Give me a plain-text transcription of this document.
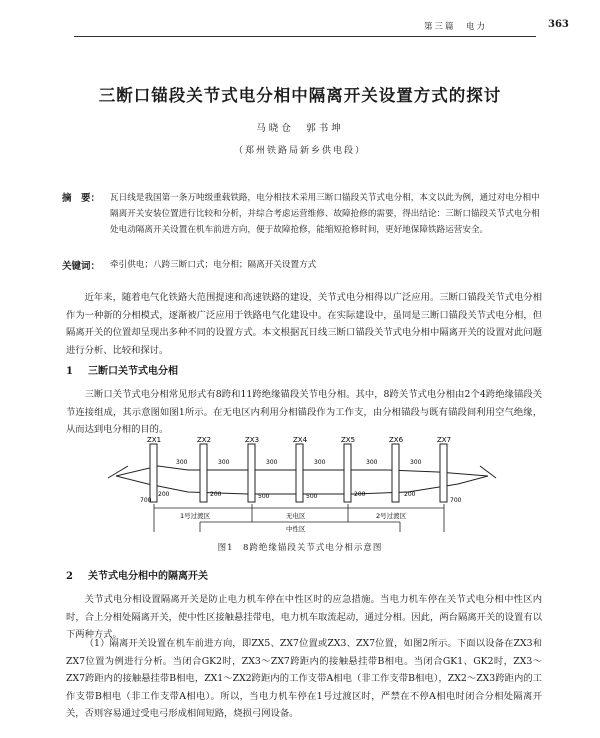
第三篇　电力	363
三断口锚段关节式电分相中隔离开关设置方式的探讨
马晓仓　郭书坤
（郑州铁路局新乡供电段）
摘　要： 瓦日线是我国第一条万吨级重载铁路，电分相技术采用三断口锚段关节式电分相，本文以此为例，通过对电分相中隔离开关安装位置进行比较和分析，并综合考虑运营维修、故障抢修的需要，得出结论：三断口锚段关节式电分相处电动隔离开关设置在机车前进方向，便于故障抢修，能缩短抢修时间，更好地保障铁路运营安全。
关键词： 牵引供电；八跨三断口式；电分相；隔离开关设置方式
近年来，随着电气化铁路大范围提速和高速铁路的建设，关节式电分相得以广泛应用。三断口锚段关节式电分相作为一种新的分相模式，逐渐被广泛应用于铁路电气化建设中。在实际建设中，虽同是三断口锚段关节式电分相，但隔离开关的位置却呈现出多种不同的设置方式。本文根据瓦日线三断口锚段关节式电分相中隔离开关的设置对此问题进行分析、比较和探讨。
1 三断口关节式电分相
三断口关节式电分相常见形式有8跨和11跨绝缘锚段关节电分相。其中，8跨关节式电分相由2个4跨绝缘锚段关节连接组成，其示意图如图1所示。在无电区内利用分相锚段作为工作支，由分相锚段与既有锚段间利用空气绝缘，从而达到电分相的目的。
ZX1	ZX2	ZX3	ZX4	ZX5	ZX6	ZX7
300	300	300	300	300	300
200	200	500	500	200	200
700	700
1号过渡区	无电区	2号过渡区
中性区
图1　8跨绝缘锚段关节式电分相示意图
2 关节式电分相中的隔离开关
关节式电分相设置隔离开关是防止电力机车停在中性区时的应急措施。当电力机车停在关节式电分相中性区内时，合上分相处隔离开关，使中性区接触悬挂带电，电力机车取流起动，通过分相。因此，两台隔离开关的设置有以下两种方式。
（1）隔离开关设置在机车前进方向，即ZX5、ZX7位置或ZX3、ZX7位置，如图2所示。下面以设备在ZX3和ZX7位置为例进行分析。当闭合GK2时，ZX3～ZX7跨距内的接触悬挂带B相电。当闭合GK1、GK2时，ZX3～ZX7跨距内的接触悬挂带B相电，ZX1～ZX2跨距内的工作支带A相电（非工作支带B相电），ZX2～ZX3跨距内的工作支带B相电（非工作支带A相电）。所以，当电力机车停在1号过渡区时，严禁在不停A相电时闭合分相处隔离开关，否则容易通过受电弓形成相间短路，烧损弓网设备。
